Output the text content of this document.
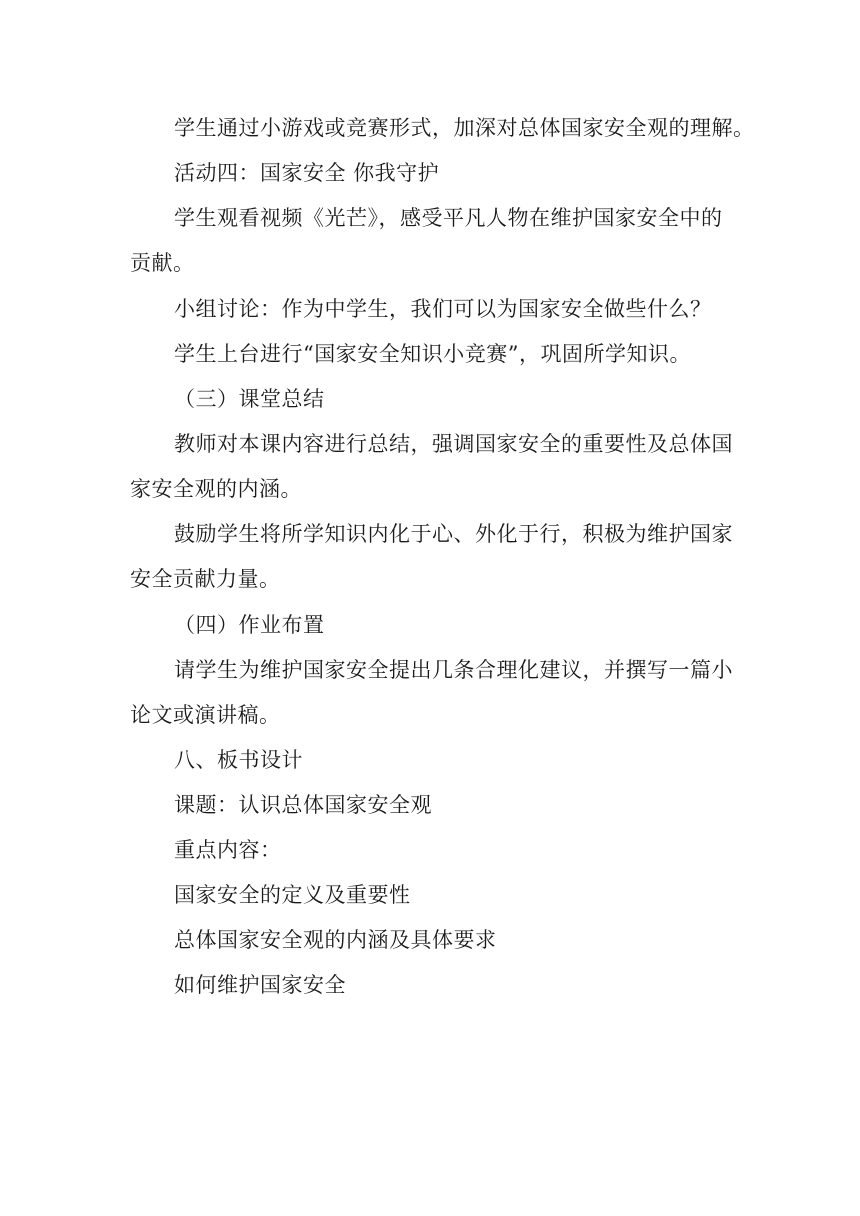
学生通过小游戏或竞赛形式，加深对总体国家安全观的理解。
活动四：国家安全 你我守护
学生观看视频《光芒》，感受平凡人物在维护国家安全中的
贡献。
小组讨论：作为中学生，我们可以为国家安全做些什么？
学生上台进行“国家安全知识小竞赛”，巩固所学知识。
（三）课堂总结
教师对本课内容进行总结，强调国家安全的重要性及总体国
家安全观的内涵。
鼓励学生将所学知识内化于心、外化于行，积极为维护国家
安全贡献力量。
（四）作业布置
请学生为维护国家安全提出几条合理化建议，并撰写一篇小
论文或演讲稿。
八、板书设计
课题：认识总体国家安全观
重点内容：
国家安全的定义及重要性
总体国家安全观的内涵及具体要求
如何维护国家安全
